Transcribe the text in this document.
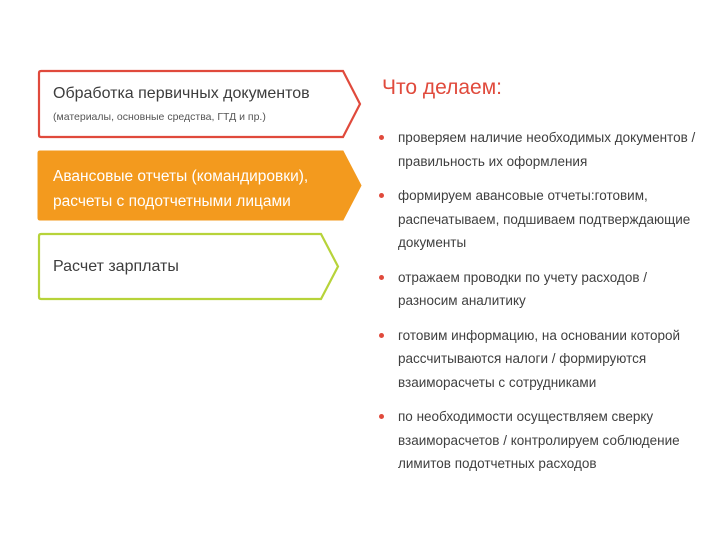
Обработка первичных документов
(материалы, основные средства, ГТД и пр.)
Авансовые отчеты (командировки), расчеты с подотчетными лицами
Расчет зарплаты
Что делаем:
проверяем наличие необходимых документов / правильность их оформления
формируем авансовые отчеты:готовим, распечатываем, подшиваем подтверждающие документы
отражаем проводки по учету расходов / разносим аналитику
готовим информацию, на основании которой рассчитываются налоги / формируются взаиморасчеты с сотрудниками
по необходимости осуществляем сверку взаиморасчетов / контролируем соблюдение лимитов подотчетных расходов
